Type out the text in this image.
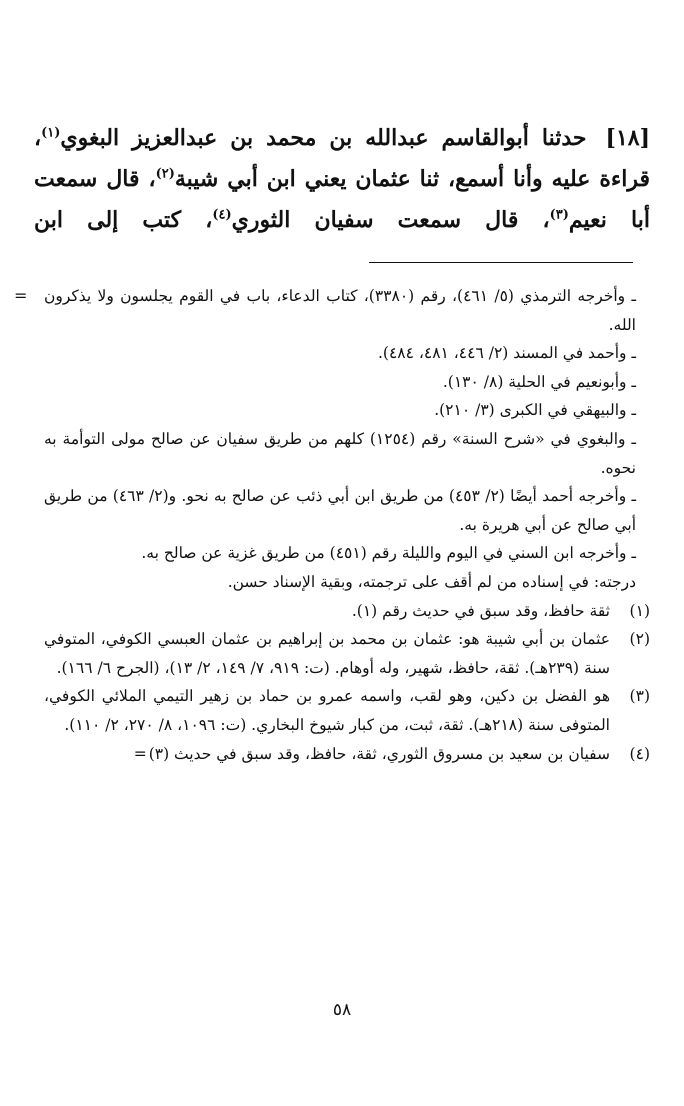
[١٨] حدثنا أبوالقاسم عبدالله بن محمد بن عبدالعزيز البغوي$^{(١)}$، قراءة عليه وأنا أسمع، ثنا عثمان يعني ابن أبي شيبة$^{(٢)}$، قال سمعت أبا نعيم$^{(٣)}$، قال سمعت سفيان الثوري$^{(٤)}$، كتب إلى ابن
= ـ وأخرجه الترمذي (٥/ ٤٦١)، رقم (٣٣٨٠)، كتاب الدعاء، باب في القوم يجلسون ولا يذكرون الله.
ـ وأحمد في المسند (٢/ ٤٤٦، ٤٨١، ٤٨٤).
ـ وأبونعيم في الحلية (٨/ ١٣٠).
ـ والبيهقي في الكبرى (٣/ ٢١٠).
ـ والبغوي في «شرح السنة» رقم (١٢٥٤) كلهم من طريق سفيان عن صالح مولى التوأمة به نحوه.
ـ وأخرجه أحمد أيضًا (٢/ ٤٥٣) من طريق ابن أبي ذئب عن صالح به نحو. و(٢/ ٤٦٣) من طريق أبي صالح عن أبي هريرة به.
ـ وأخرجه ابن السني في اليوم والليلة رقم (٤٥١) من طريق غزية عن صالح به.
درجته: في إسناده من لم أقف على ترجمته، وبقية الإسناد حسن.
(١)
ثقة حافظ، وقد سبق في حديث رقم (١).
(٢)
عثمان بن أبي شيبة هو: عثمان بن محمد بن إبراهيم بن عثمان العبسي الكوفي، المتوفي سنة (٢٣٩هـ). ثقة، حافظ، شهير، وله أوهام. (ت: ٩١٩، ٧/ ١٤٩، ٢/ ١٣)، (الجرح ٦/ ١٦٦).
(٣)
هو الفضل بن دكين، وهو لقب، واسمه عمرو بن حماد بن زهير التيمي الملائي الكوفي، المتوفى سنة (٢١٨هـ). ثقة، ثبت، من كبار شيوخ البخاري. (ت: ١٠٩٦، ٨/ ٢٧٠، ٢/ ١١٠).
(٤)
سفيان بن سعيد بن مسروق الثوري، ثقة، حافظ، وقد سبق في حديث (٣)=
٥٨
